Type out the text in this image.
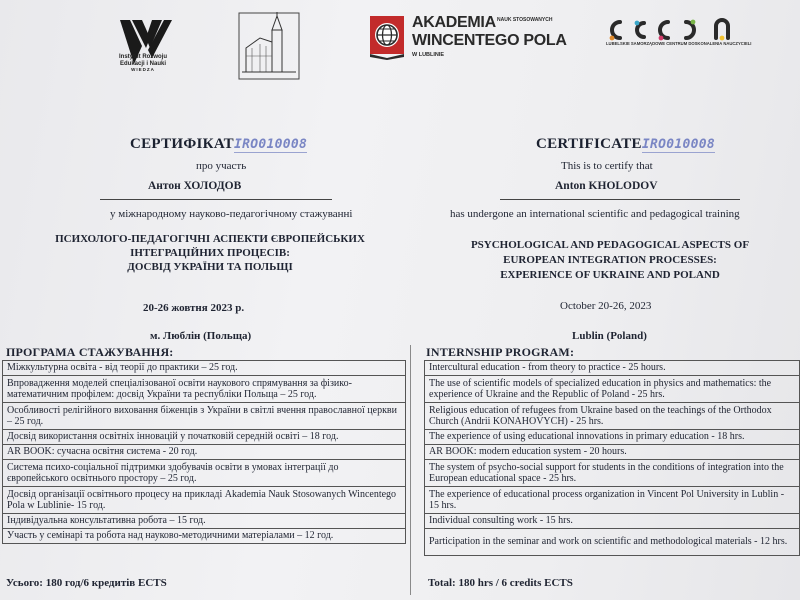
Instytut Rozwoju
Edukacji i Nauki
WIEDZA
AKADEMIA NAUK STOSOWANYCH
WINCENTEGO POLA
W LUBLINIE
LUBELSKIE SAMORZĄDOWE CENTRUM DOSKONALENIA NAUCZYCIELI
СЕРТИФІКАТIRO010008
про участь
Антон ХОЛОДОВ
у міжнародному науково-педагогічному стажуванні
ПСИХОЛОГО-ПЕДАГОГІЧНІ АСПЕКТИ ЄВРОПЕЙСЬКИХ
ІНТЕГРАЦІЙНИХ ПРОЦЕСІВ:
ДОСВІД УКРАЇНИ ТА ПОЛЬЩІ
20-26 жовтня 2023 р.
м. Люблін (Польща)
ПРОГРАМА СТАЖУВАННЯ:
Міжкультурна освіта - від теорії до практики – 25 год.
Впровадження моделей спеціалізованої освіти наукового спрямування за фізико-математичним профілем: досвід України та республіки Польща – 25 год.
Особливості релігійного виховання біженців з України в світлі вчення православної церкви – 25 год.
Досвід використання освітніх інновацій у початковій середній освіті – 18 год.
AR BOOK: сучасна освітня система - 20 год.
Система психо-соціальної підтримки здобувачів освіти в умовах інтеграції до європейського освітнього простору – 25 год.
Досвід організації освітнього процесу на прикладі Akademia Nauk Stosowanych Wincentego Pola w Lublinie- 15 год.
Індивідуальна консультативна робота – 15 год.
Участь у семінарі та робота над науково-методичними матеріалами – 12 год.
Усього: 180 год/6 кредитів ECTS
CERTIFICATEIRO010008
This is to certify that
Anton KHOLODOV
has undergone an international scientific and pedagogical training
PSYCHOLOGICAL AND PEDAGOGICAL ASPECTS OF
EUROPEAN INTEGRATION PROCESSES:
EXPERIENCE OF UKRAINE AND POLAND
October 20-26, 2023
Lublin (Poland)
INTERNSHIP PROGRAM:
Intercultural education - from theory to practice - 25 hours.
The use of scientific models of specialized education in physics and mathematics: the experience of Ukraine and the Republic of Poland - 25 hrs.
Religious education of refugees from Ukraine based on the teachings of the Orthodox Church (Andrii KONAHOVYCH) - 25 hrs.
The experience of using educational innovations in primary education - 18 hrs.
AR BOOK: modern education system - 20 hours.
The system of psycho-social support for students in the conditions of integration into the European educational space - 25 hrs.
The experience of educational process organization in Vincent Pol University in Lublin - 15 hrs.
Individual consulting work - 15 hrs.
Participation in the seminar and work on scientific and methodological materials - 12 hrs.
Total: 180 hrs / 6 credits ECTS
